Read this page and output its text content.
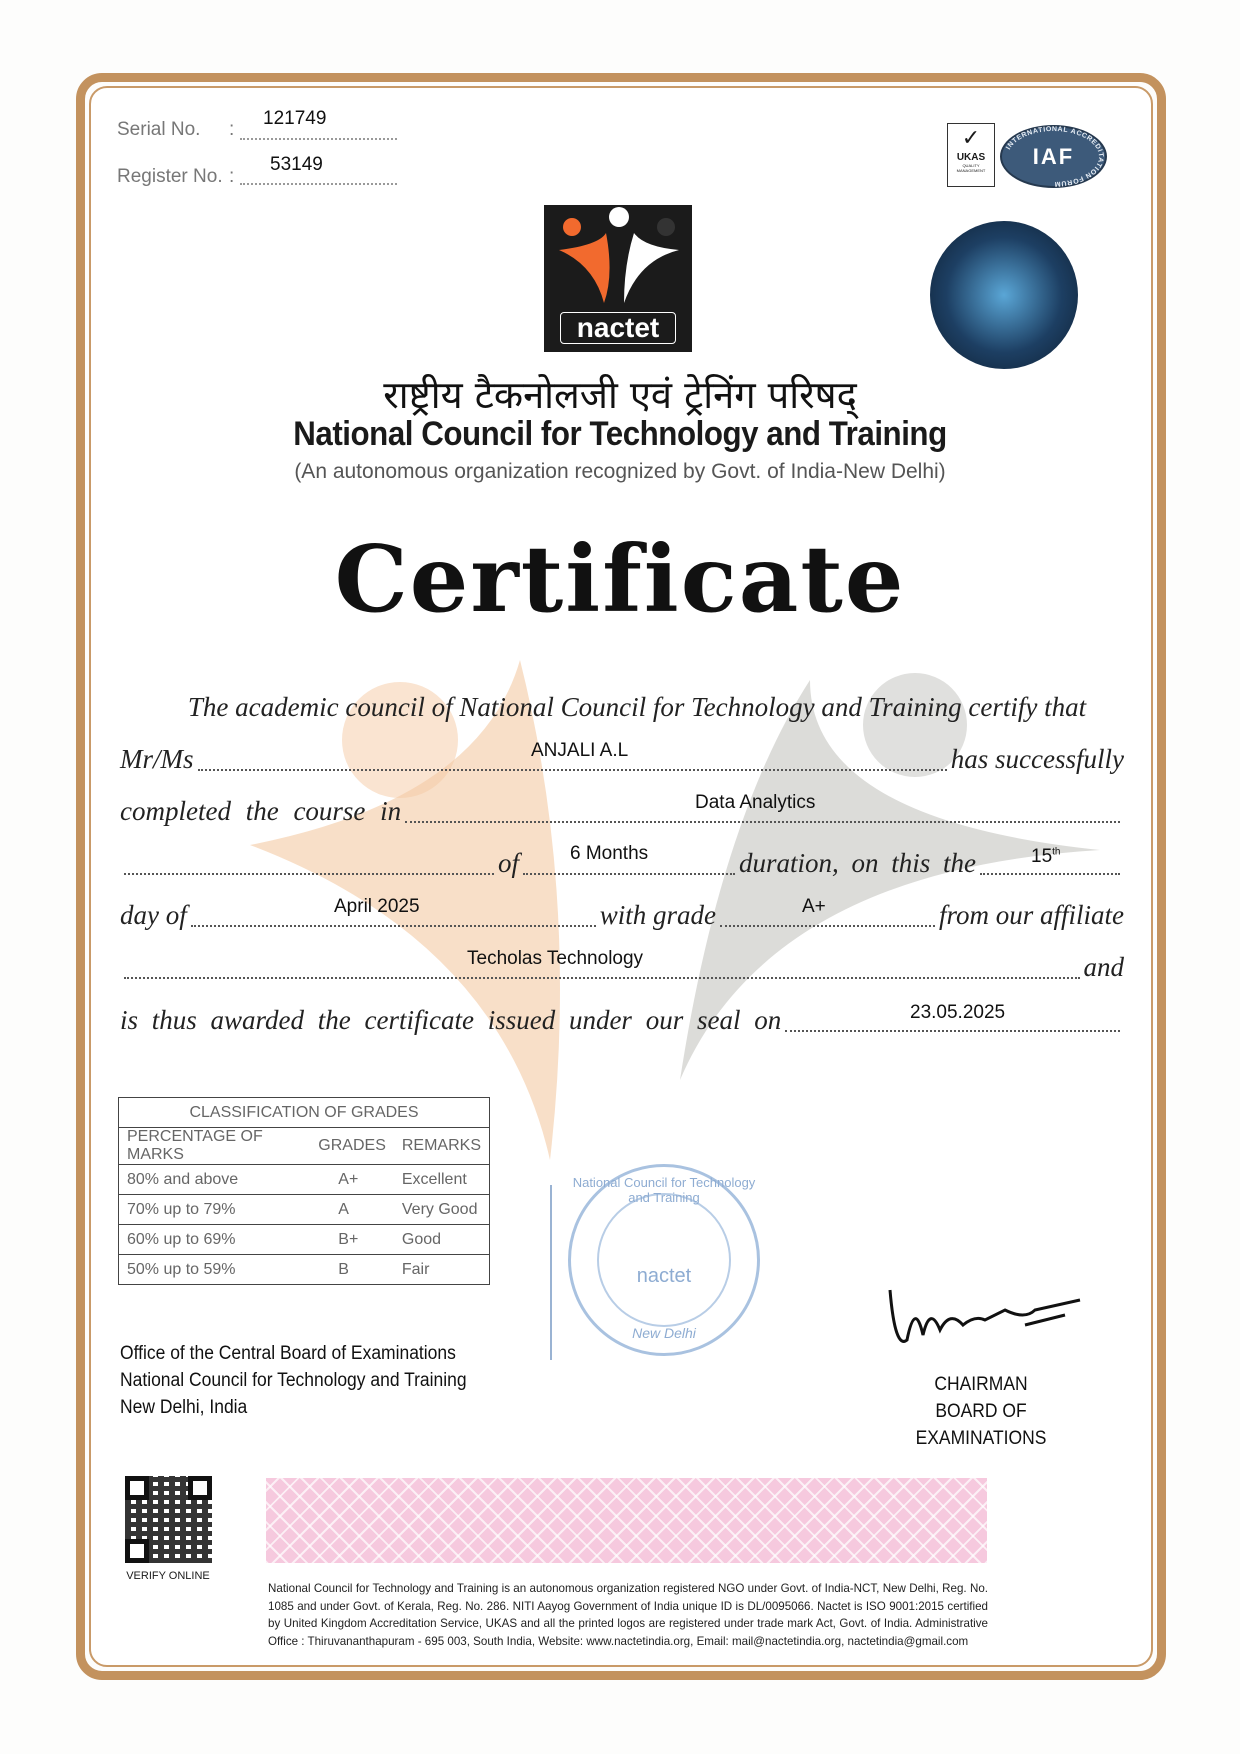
Serial No. :
121749
Register No. :
53149
nactet
✓
UKAS
QUALITY MANAGEMENT
INTERNATIONAL ACCREDITATION FORUM
IAF
राष्ट्रीय टैकनोलजी एवं ट्रेनिंग परिषद्
National Council for Technology and Training
(An autonomous organization recognized by Govt. of India-New Delhi)
Certificate
The academic council of National Council for Technology and Training certify that
Mr/Ms	has successfully
completed the course in
of	duration, on this the
day of	with grade	from our affiliate
and
is thus awarded the certificate issued under our seal on
ANJALI A.L
Data Analytics
6 Months	15th
April 2025	A+
Techolas Technology
23.05.2025
CLASSIFICATION OF GRADES		
PERCENTAGE OF MARKS	GRADES	REMARKS
80% and above	A+	Excellent
70% up to 79%	A	Very Good
60% up to 69%	B+	Good
50% up to 59%	B	Fair
National Council for Technology and Training
nactet
New Delhi
Office of the Central Board of Examinations
National Council for Technology and Training
New Delhi, India
CHAIRMAN
BOARD OF EXAMINATIONS
VERIFY ONLINE
National Council for Technology and Training is an autonomous organization registered NGO under Govt. of India-NCT, New Delhi, Reg. No. 1085 and under Govt. of Kerala, Reg. No. 286. NITI Aayog Government of India unique ID is DL/0095066. Nactet is ISO 9001:2015 certified by United Kingdom Accreditation Service, UKAS and all the printed logos are registered under trade mark Act, Govt. of India. Administrative Office : Thiruvananthapuram - 695 003, South India, Website: www.nactetindia.org, Email: mail@nactetindia.org, nactetindia@gmail.com
